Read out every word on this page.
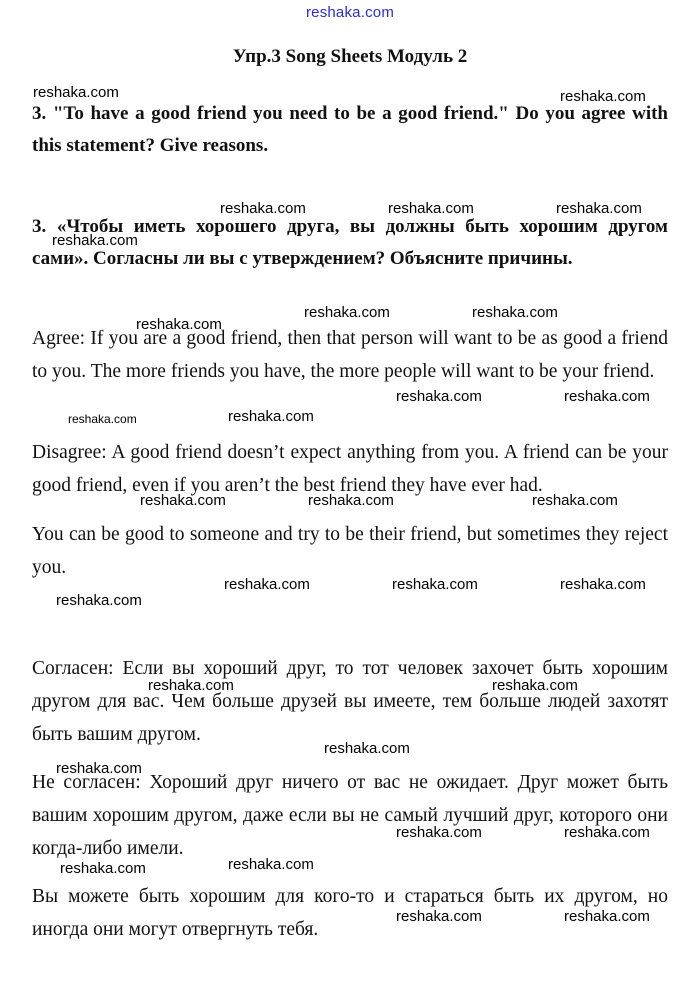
reshaka.com
Упр.3 Song Sheets Модуль 2

3. "To have a good friend you need to be a good friend." Do you agree with this statement? Give reasons.

3. «Чтобы иметь хорошего друга, вы должны быть хорошим другом сами». Согласны ли вы с утверждением? Объясните причины.

Agree: If you are a good friend, then that person will want to be as good a friend to you. The more friends you have, the more people will want to be your friend.

Disagree: A good friend doesn’t expect anything from you. A friend can be your good friend, even if you aren’t the best friend they have ever had.

You can be good to someone and try to be their friend, but sometimes they reject you.

Согласен: Если вы хороший друг, то тот человек захочет быть хорошим другом для вас. Чем больше друзей вы имеете, тем больше людей захотят быть вашим другом.

Не согласен: Хороший друг ничего от вас не ожидает. Друг может быть вашим хорошим другом, даже если вы не самый лучший друг, которого они когда-либо имели.

Вы можете быть хорошим для кого-то и стараться быть их другом, но иногда они могут отвергнуть тебя.

reshaka.com	reshaka.com
reshaka.com	reshaka.com	reshaka.com
reshaka.com
reshaka.com	reshaka.com
reshaka.com
reshaka.com	reshaka.com
reshaka.com	reshaka.com
reshaka.com	reshaka.com	reshaka.com
reshaka.com	reshaka.com	reshaka.com
reshaka.com
reshaka.com	reshaka.com
reshaka.com
reshaka.com
reshaka.com	reshaka.com
reshaka.com
reshaka.com
reshaka.com	reshaka.com
